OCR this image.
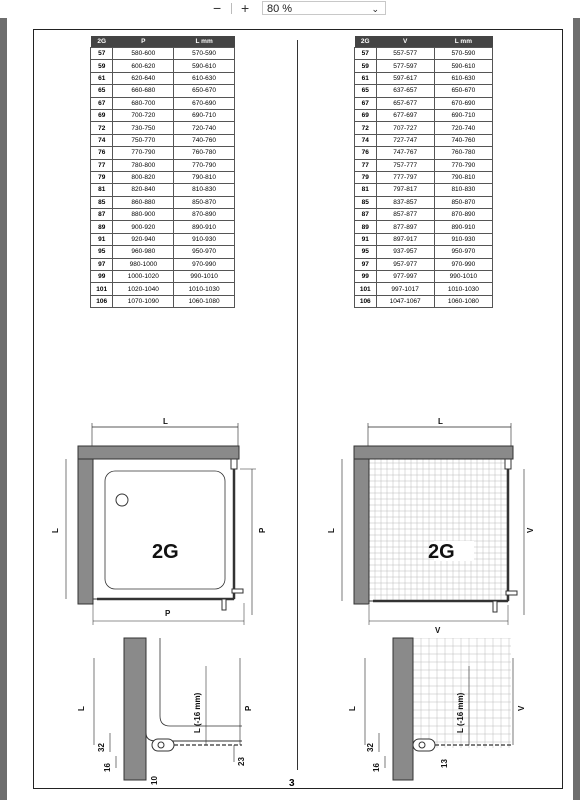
− +	80 %	⌄
2G	P	L mm
57	580-600	570-590
59	600-620	590-610
61	620-640	610-630
65	660-680	650-670
67	680-700	670-690
69	700-720	690-710
72	730-750	720-740
74	750-770	740-760
76	770-790	760-780
77	780-800	770-790
79	800-820	790-810
81	820-840	810-830
85	860-880	850-870
87	880-900	870-890
89	900-920	890-910
91	920-940	910-930
95	960-980	950-970
97	980-1000	970-990
99	1000-1020	990-1010
101	1020-1040	1010-1030
106	1070-1090	1060-1080
2G	V	L mm
57	557-577	570-590
59	577-597	590-610
61	597-617	610-630
65	637-657	650-670
67	657-677	670-690
69	677-697	690-710
72	707-727	720-740
74	727-747	740-760
76	747-767	760-780
77	757-777	770-790
79	777-797	790-810
81	797-817	810-830
85	837-857	850-870
87	857-877	870-890
89	877-897	890-910
91	897-917	910-930
95	937-957	950-970
97	957-977	970-990
99	977-997	990-1010
101	997-1017	1010-1030
106	1047-1067	1060-1080
L
2G
L	P
P
L
2G
L	V
V
L (-16 mm)
L	P
32
16
10
23
L (-16 mm)
L	V
32
16	13
3
